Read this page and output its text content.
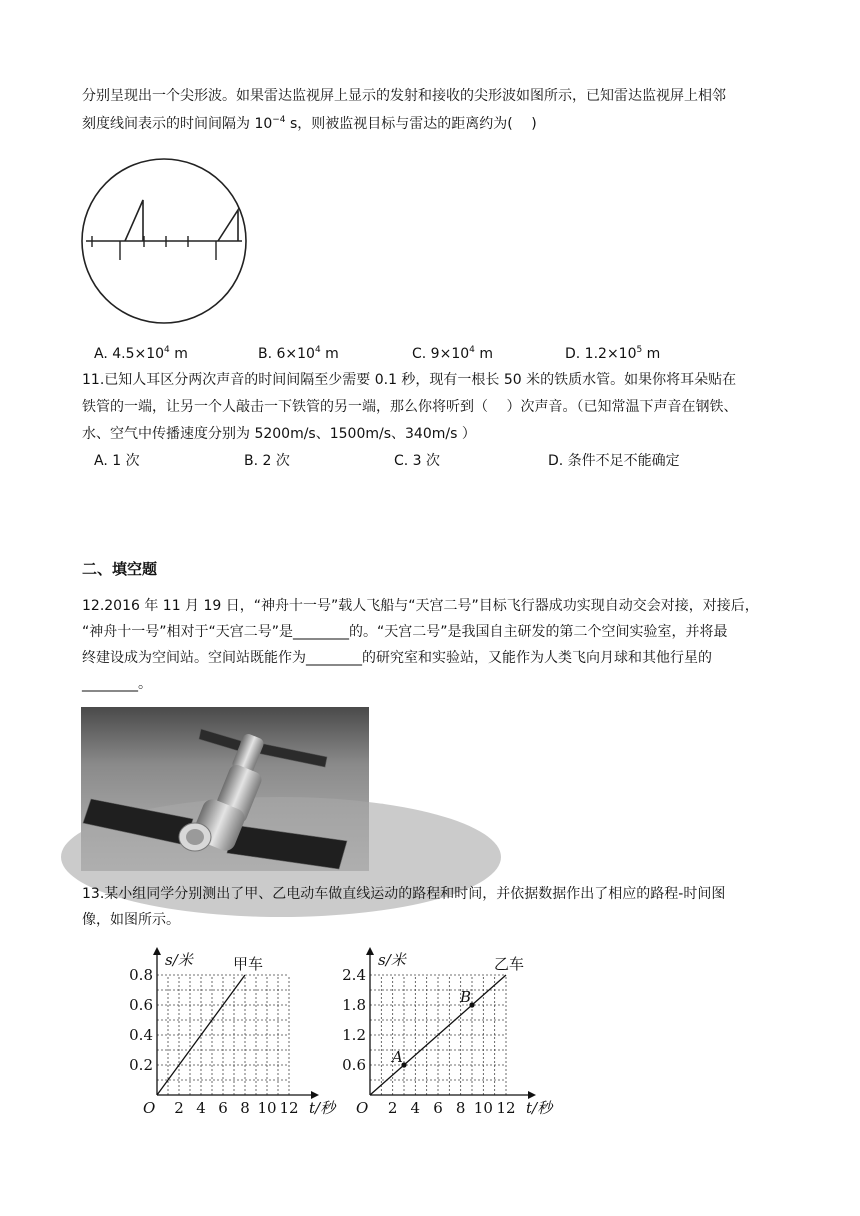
分别呈现出一个尖形波。如果雷达监视屏上显示的发射和接收的尖形波如图所示，已知雷达监视屏上相邻
刻度线间表示的时间间隔为 $10^{-4}$ s，则被监视目标与雷达的距离约为(　 )
A. $4.5\times 10^4$ m	B. $6\times 10^4$ m	C. $9\times 10^4$ m	D. $1.2\times 10^5$ m
11.已知人耳区分两次声音的时间间隔至少需要 0.1 秒，现有一根长 50 米的铁质水管。如果你将耳朵贴在
铁管的一端，让另一个人敲击一下铁管的另一端，那么你将听到（　 ）次声音。（已知常温下声音在钢铁、
水、空气中传播速度分别为 5200m/s、1500m/s、340m/s ）
A. 1 次	B. 2 次	C. 3 次	D. 条件不足不能确定
二、填空题
12.2016 年 11 月 19 日，“神舟十一号”载人飞船与“天宫二号”目标飞行器成功实现自动交会对接，对接后，
“神舟十一号”相对于“天宫二号”是________的。“天宫二号”是我国自主研发的第二个空间实验室，并将最
终建设成为空间站。空间站既能作为________的研究室和实验站，又能作为人类飞向月球和其他行星的
________。
13.某小组同学分别测出了甲、乙电动车做直线运动的路程和时间，并依据数据作出了相应的路程-时间图
像，如图所示。
2 4 6 8 10 12
0.2
0.4
0.6
0.8
O	t/秒
s/米	甲车
2 4 6 8 10 12
0.6
1.2
1.8
2.4
O	t/秒
s/米	乙车
A
B
